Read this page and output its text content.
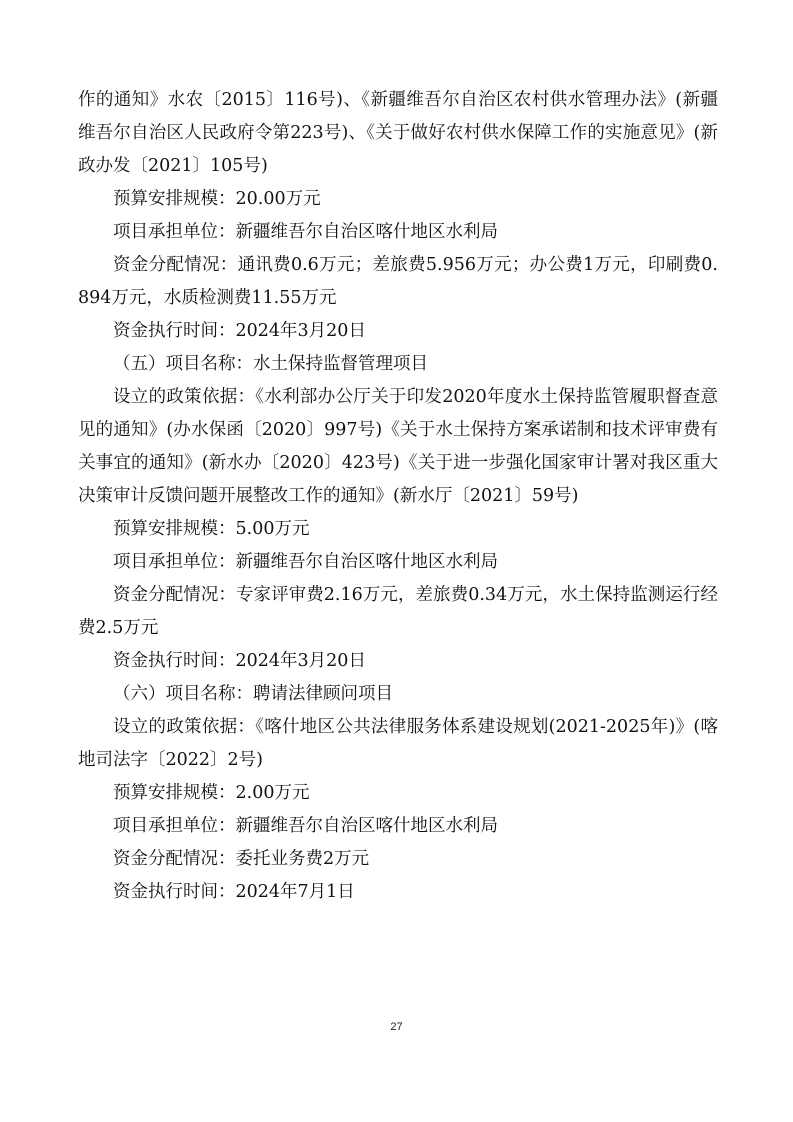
作的通知》水农〔2015〕116号)、《新疆维吾尔自治区农村供水管理办法》(新疆维吾尔自治区人民政府令第223号)、《关于做好农村供水保障工作的实施意见》(新政办发〔2021〕105号)

预算安排规模：20.00万元

项目承担单位：新疆维吾尔自治区喀什地区水利局

资金分配情况：通讯费0.6万元；差旅费5.956万元；办公费1万元，印刷费0.894万元，水质检测费11.55万元

资金执行时间：2024年3月20日

（五）项目名称：水土保持监督管理项目

设立的政策依据：《水利部办公厅关于印发2020年度水土保持监管履职督查意见的通知》(办水保函〔2020〕997号)《关于水土保持方案承诺制和技术评审费有关事宜的通知》(新水办〔2020〕423号)《关于进一步强化国家审计署对我区重大决策审计反馈问题开展整改工作的通知》(新水厅〔2021〕59号)

预算安排规模：5.00万元

项目承担单位：新疆维吾尔自治区喀什地区水利局

资金分配情况：专家评审费2.16万元，差旅费0.34万元，水土保持监测运行经费2.5万元

资金执行时间：2024年3月20日

（六）项目名称：聘请法律顾问项目

设立的政策依据：《喀什地区公共法律服务体系建设规划(2021-2025年)》(喀地司法字〔2022〕2号)

预算安排规模：2.00万元

项目承担单位：新疆维吾尔自治区喀什地区水利局

资金分配情况：委托业务费2万元

资金执行时间：2024年7月1日

27
